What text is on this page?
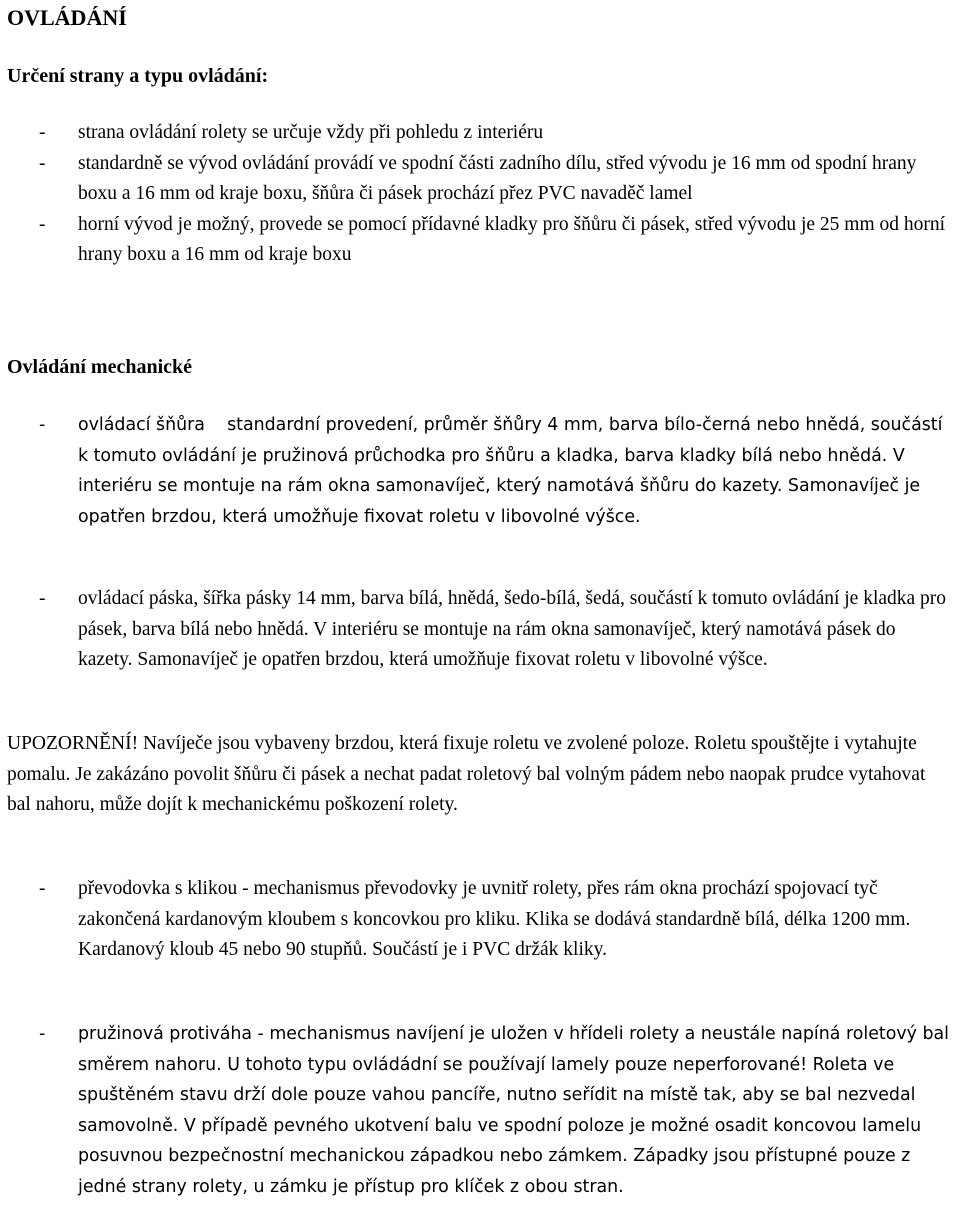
OVLÁDÁNÍ
Určení strany a typu ovládání:
- strana ovládání rolety se určuje vždy při pohledu z interiéru
- standardně se vývod ovládání provádí ve spodní části zadního dílu, střed vývodu je 16 mm od spodní hrany boxu a 16 mm od kraje boxu, šňůra či pásek prochází přez PVC navaděč lamel
- horní vývod je možný, provede se pomocí přídavné kladky pro šňůru či pásek, střed vývodu je 25 mm od horní hrany boxu a 16 mm od kraje boxu
Ovládání mechanické
- ovládací šňůra standardní provedení, průměr šňůry 4 mm, barva bílo-černá nebo hnědá, součástí k tomuto ovládání je pružinová průchodka pro šňůru a kladka, barva kladky bílá nebo hnědá. V interiéru se montuje na rám okna samonavíječ, který namotává šňůru do kazety. Samonavíječ je opatřen brzdou, která umožňuje fixovat roletu v libovolné výšce.
- ovládací páska, šířka pásky 14 mm, barva bílá, hnědá, šedo-bílá, šedá, součástí k tomuto ovládání je kladka pro pásek, barva bílá nebo hnědá. V interiéru se montuje na rám okna samonavíječ, který namotává pásek do kazety. Samonavíječ je opatřen brzdou, která umožňuje fixovat roletu v libovolné výšce.

UPOZORNĚNÍ! Navíječe jsou vybaveny brzdou, která fixuje roletu ve zvolené poloze. Roletu spouštějte i vytahujte pomalu. Je zakázáno povolit šňůru či pásek a nechat padat roletový bal volným pádem nebo naopak prudce vytahovat bal nahoru, může dojít k mechanickému poškození rolety.

- převodovka s klikou - mechanismus převodovky je uvnitř rolety, přes rám okna prochází spojovací tyč zakončená kardanovým kloubem s koncovkou pro kliku. Klika se dodává standardně bílá, délka 1200 mm. Kardanový kloub 45 nebo 90 stupňů. Součástí je i PVC držák kliky.
- pružinová protiváha - mechanismus navíjení je uložen v hřídeli rolety a neustále napíná roletový bal směrem nahoru. U tohoto typu ovládádní se používají lamely pouze neperforované! Roleta ve spuštěném stavu drží dole pouze vahou pancíře, nutno seřídit na místě tak, aby se bal nezvedal samovolně. V případě pevného ukotvení balu ve spodní poloze je možné osadit koncovou lamelu posuvnou bezpečnostní mechanickou západkou nebo zámkem. Západky jsou přístupné pouze z jedné strany rolety, u zámku je přístup pro klíček z obou stran.
